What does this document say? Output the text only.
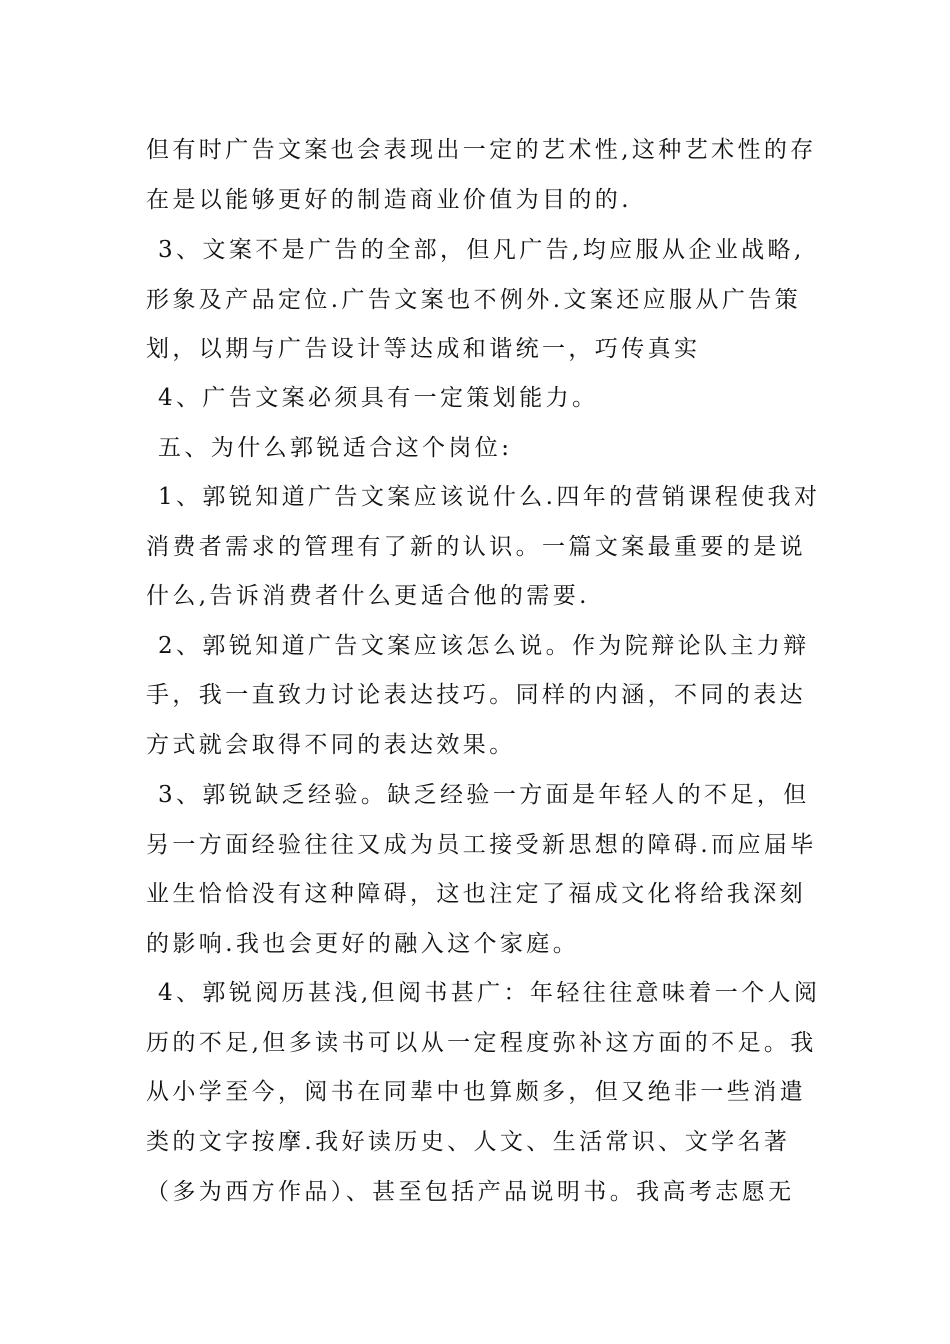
但有时广告文案也会表现出一定的艺术性,这种艺术性的存
在是以能够更好的制造商业价值为目的的.
3、文案不是广告的全部，但凡广告,均应服从企业战略,
形象及产品定位.广告文案也不例外.文案还应服从广告策
划，以期与广告设计等达成和谐统一，巧传真实
4、广告文案必须具有一定策划能力。
五、为什么郭锐适合这个岗位:
1、郭锐知道广告文案应该说什么.四年的营销课程使我对
消费者需求的管理有了新的认识。一篇文案最重要的是说
什么,告诉消费者什么更适合他的需要.
2、郭锐知道广告文案应该怎么说。作为院辩论队主力辩
手，我一直致力讨论表达技巧。同样的内涵，不同的表达
方式就会取得不同的表达效果。
3、郭锐缺乏经验。缺乏经验一方面是年轻人的不足，但
另一方面经验往往又成为员工接受新思想的障碍.而应届毕
业生恰恰没有这种障碍，这也注定了福成文化将给我深刻
的影响.我也会更好的融入这个家庭。
4、郭锐阅历甚浅,但阅书甚广：年轻往往意味着一个人阅
历的不足,但多读书可以从一定程度弥补这方面的不足。我
从小学至今，阅书在同辈中也算颇多，但又绝非一些消遣
类的文字按摩.我好读历史、人文、生活常识、文学名著
（多为西方作品）、甚至包括产品说明书。我高考志愿无
